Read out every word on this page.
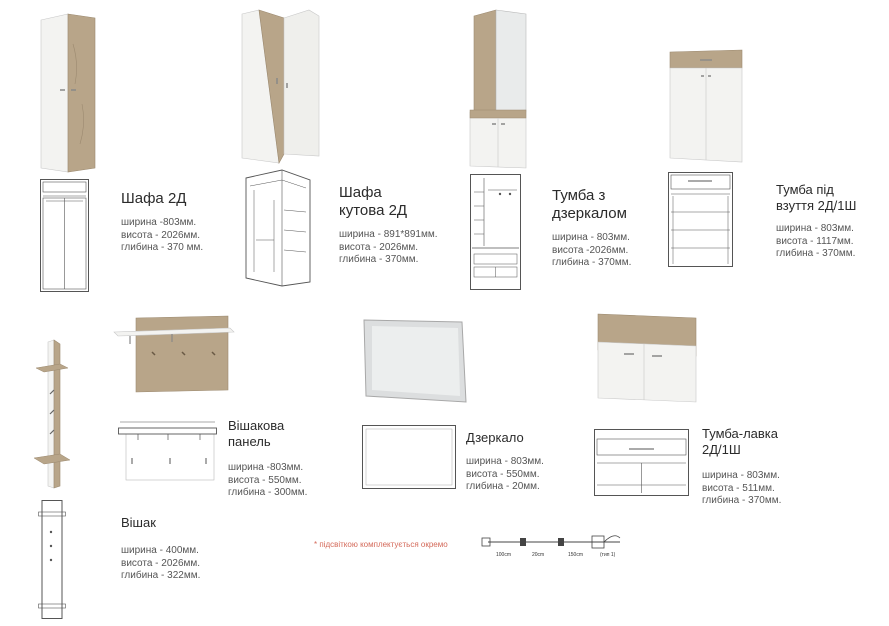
Шафа 2Д

ширина -803мм.
висота - 2026мм.
глибина - 370 мм.

Шафа

кутова 2Д

ширина - 891*891мм.
висота - 2026мм.
глибина - 370мм.

Тумба з

дзеркалом

ширина - 803мм.
висота -2026мм.
глибина - 370мм.

Тумба під

взуття 2Д/1Ш

ширина - 803мм.
висота - 1117мм.
глибина - 370мм.

Вішак

ширина - 400мм.
висота - 2026мм.
глибина - 322мм.

Вішакова

панель

ширина -803мм.
висота - 550мм.
глибина - 300мм.

Дзеркало

ширина - 803мм.
висота - 550мм.
глибина - 20мм.

Тумба-лавка

2Д/1Ш

ширина - 803мм.
висота - 511мм.
глибина - 370мм.
* підсвіткою комплектується окремо
100cm	20cm	150cm	(тип 1)
